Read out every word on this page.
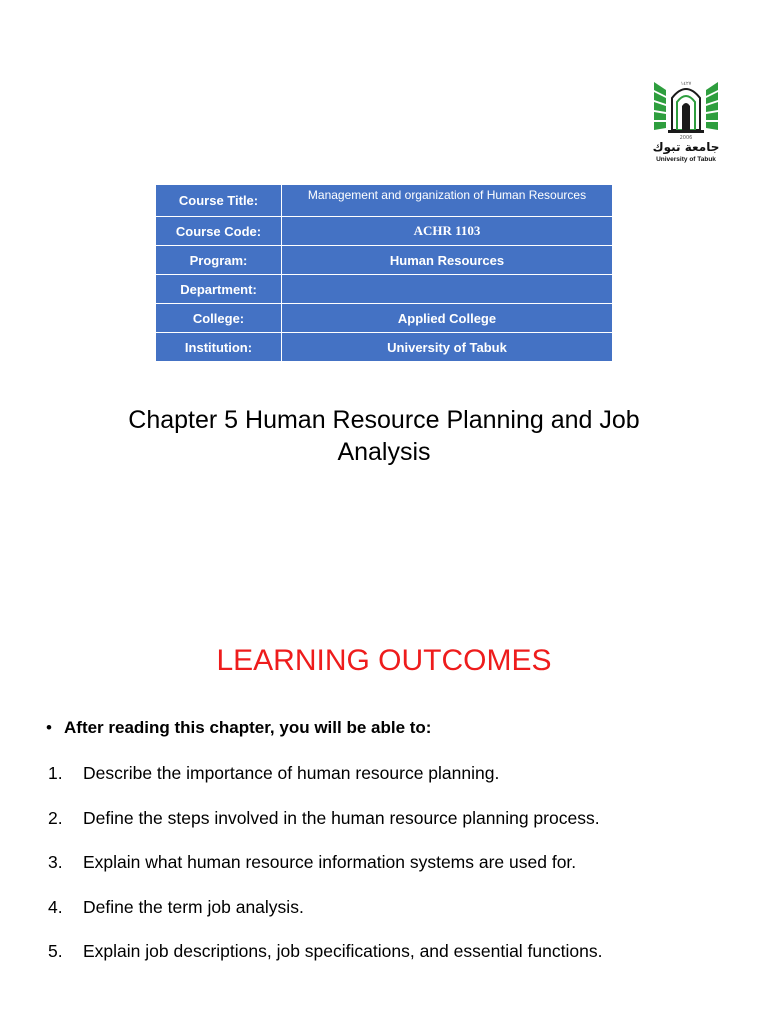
١٤٢٧
2006
جامعة تبوك
University of Tabuk
Course Title:	Management and organization of Human Resources
Course Code:	ACHR 1103
Program:	Human Resources
Department:	
College:	Applied College
Institution:	University of Tabuk
Chapter 5 Human Resource Planning and Job
Analysis
LEARNING OUTCOMES
• After reading this chapter, you will be able to:
1. Describe the importance of human resource planning.
2. Define the steps involved in the human resource planning process.
3. Explain what human resource information systems are used for.
4. Define the term job analysis.
5. Explain job descriptions, job specifications, and essential functions.
